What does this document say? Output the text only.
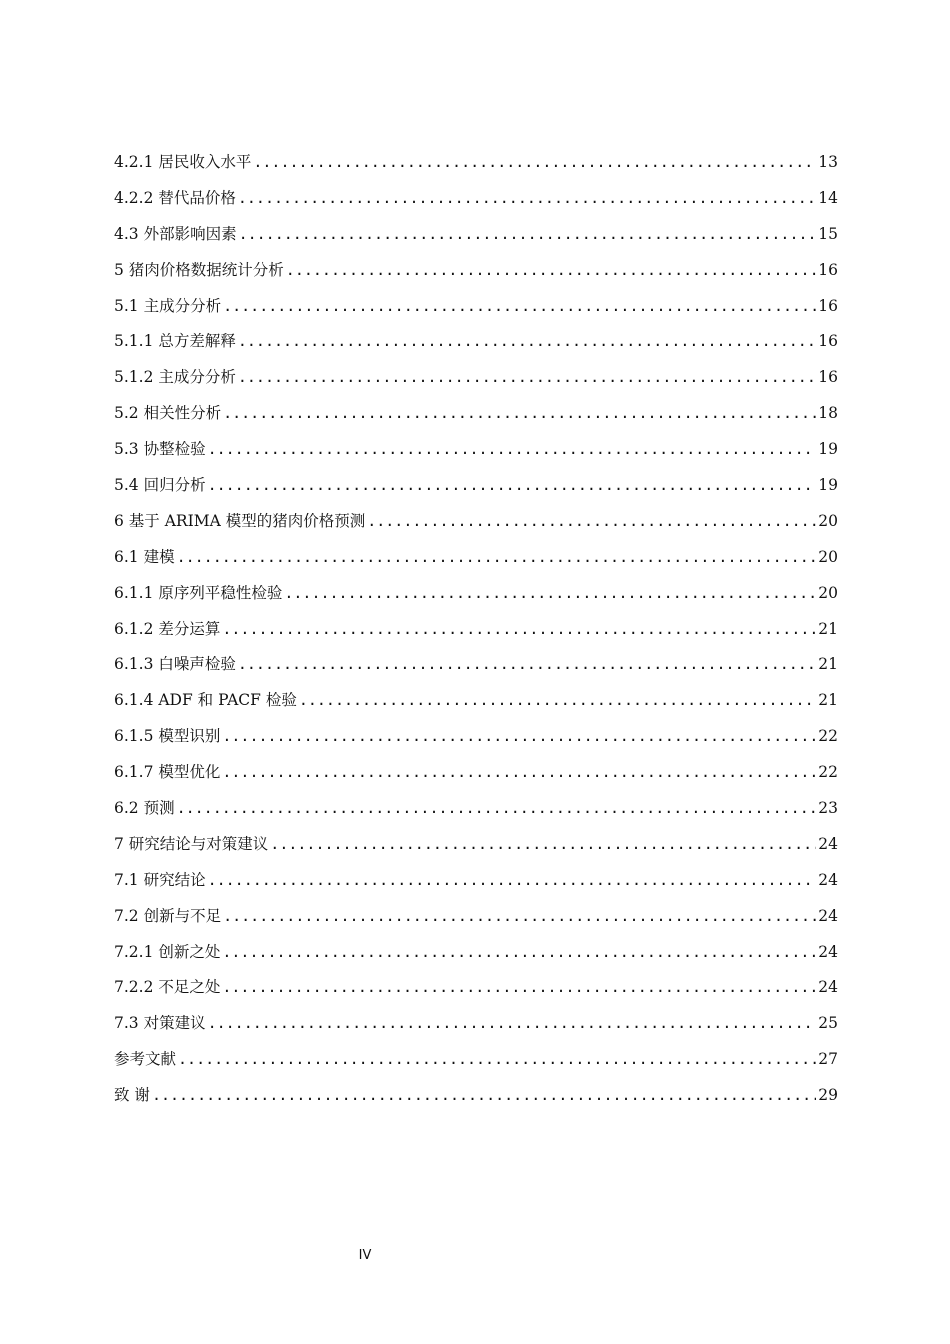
4.2.1 居民收入水平 .....	13
4.2.2 替代品价格 .....	14
4.3 外部影响因素 .....	15
5 猪肉价格数据统计分析 .....	16
5.1 主成分分析 .....	16
5.1.1 总方差解释 .....	16
5.1.2 主成分分析 .....	16
5.2 相关性分析 .....	18
5.3 协整检验 .....	19
5.4 回归分析 .....	19
6 基于 ARIMA 模型的猪肉价格预测 .....	20
6.1 建模 .....	20
6.1.1 原序列平稳性检验 .....	20
6.1.2 差分运算 .....	21
6.1.3 白噪声检验 .....	21
6.1.4 ADF 和 PACF 检验 .....	21
6.1.5 模型识别 .....	22
6.1.7 模型优化 .....	22
6.2 预测 .....	23
7 研究结论与对策建议 .....	24
7.1 研究结论 .....	24
7.2 创新与不足 .....	24
7.2.1 创新之处 .....	24
7.2.2 不足之处 .....	24
7.3 对策建议 .....	25
参考文献 .....	27
致 谢 .....	29
IV
